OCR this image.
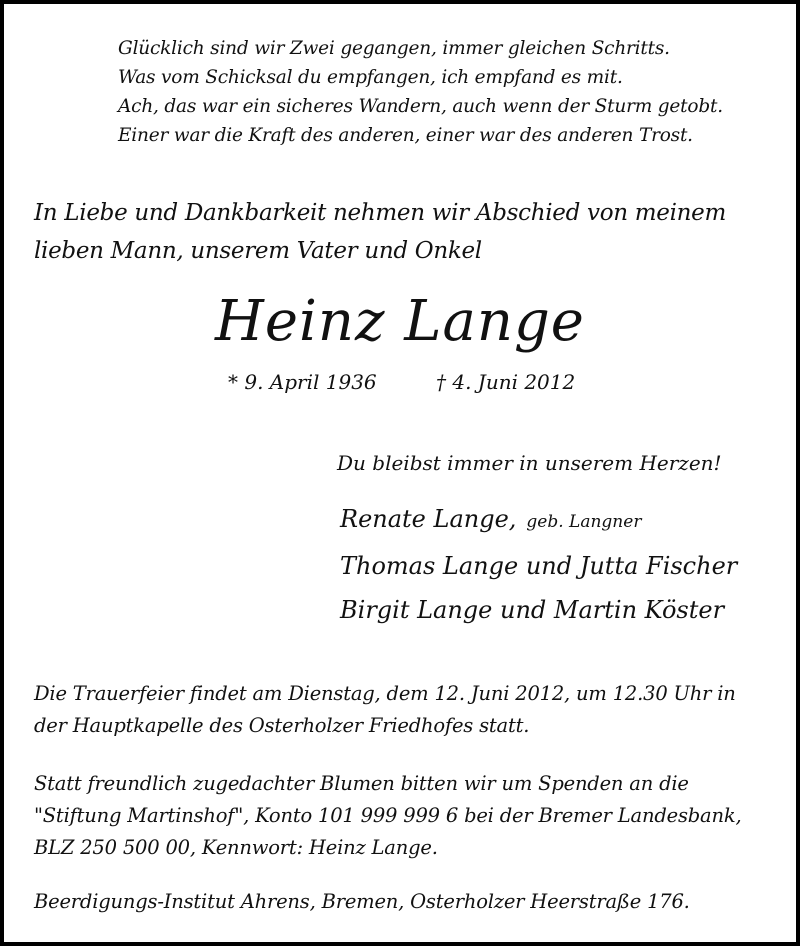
Glücklich sind wir Zwei gegangen, immer gleichen Schritts.
Was vom Schicksal du empfangen, ich empfand es mit.
Ach, das war ein sicheres Wandern, auch wenn der Sturm getobt.
Einer war die Kraft des anderen, einer war des anderen Trost.
In Liebe und Dankbarkeit nehmen wir Abschied von meinem
lieben Mann, unserem Vater und Onkel
Heinz Lange
* 9. April 1936	† 4. Juni 2012
Du bleibst immer in unserem Herzen!
Renate Lange, geb. Langner
Thomas Lange und Jutta Fischer
Birgit Lange und Martin Köster
Die Trauerfeier findet am Dienstag, dem 12. Juni 2012, um 12.30 Uhr in
der Hauptkapelle des Osterholzer Friedhofes statt.
Statt freundlich zugedachter Blumen bitten wir um Spenden an die
"Stiftung Martinshof", Konto 101 999 999 6 bei der Bremer Landesbank,
BLZ 250 500 00, Kennwort: Heinz Lange.
Beerdigungs-Institut Ahrens, Bremen, Osterholzer Heerstraße 176.
